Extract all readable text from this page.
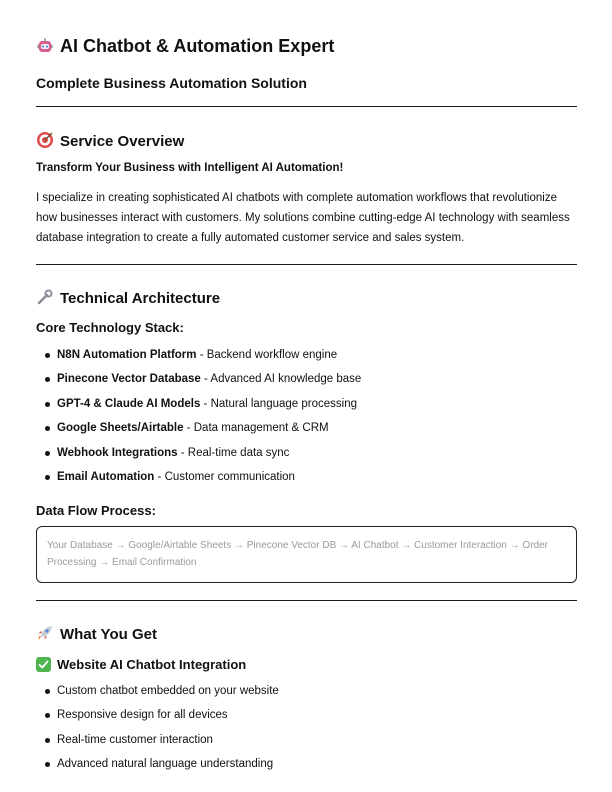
AI Chatbot & Automation Expert
Complete Business Automation Solution
Service Overview
Transform Your Business with Intelligent AI Automation!
I specialize in creating sophisticated AI chatbots with complete automation workflows that revolutionize how businesses interact with customers. My solutions combine cutting-edge AI technology with seamless database integration to create a fully automated customer service and sales system.
Technical Architecture
Core Technology Stack:
N8N Automation Platform - Backend workflow engine
Pinecone Vector Database - Advanced AI knowledge base
GPT-4 & Claude AI Models - Natural language processing
Google Sheets/Airtable - Data management & CRM
Webhook Integrations - Real-time data sync
Email Automation - Customer communication
Data Flow Process:
Your Database → Google/Airtable Sheets → Pinecone Vector DB → AI Chatbot → Customer Interaction → Order Processing → Email Confirmation
What You Get
Website AI Chatbot Integration
Custom chatbot embedded on your website
Responsive design for all devices
Real-time customer interaction
Advanced natural language understanding
